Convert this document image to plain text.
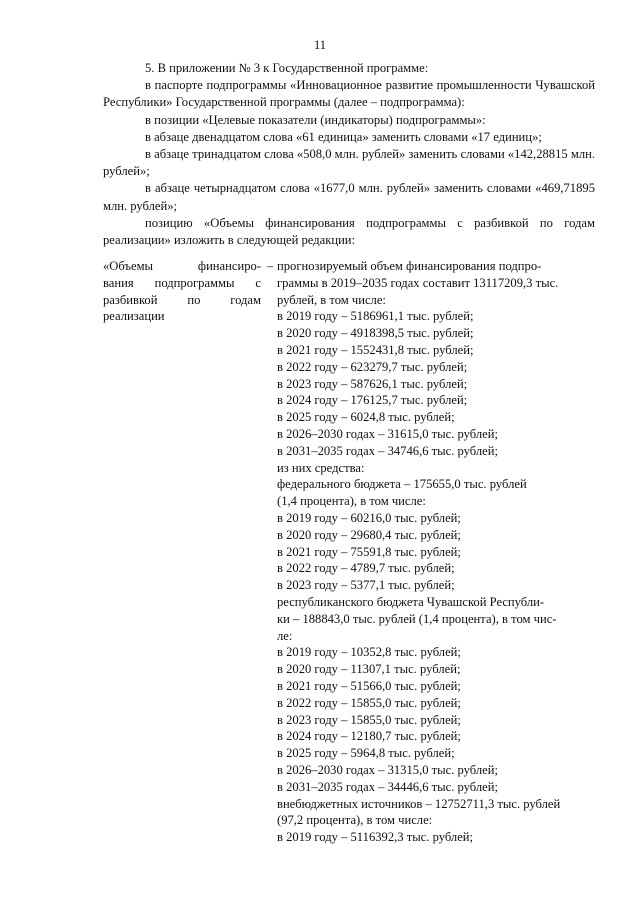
11

5. В приложении № 3 к Государственной программе:

в паспорте подпрограммы «Инновационное развитие промышленности Чувашской Республики» Государственной программы (далее – подпрограмма):

в позиции «Целевые показатели (индикаторы) подпрограммы»:

в абзаце двенадцатом слова «61 единица» заменить словами «17 единиц»;

в абзаце тринадцатом слова «508,0 млн. рублей» заменить словами «142,28815 млн. рублей»;

в абзаце четырнадцатом слова «1677,0 млн. рублей» заменить словами «469,71895 млн. рублей»;

позицию «Объемы финансирования подпрограммы с разбивкой по годам реализации» изложить в следующей редакции:

«Объемы	финансиро-
вания подпрограммы с
разбивкой по годам
реализации
– прогнозируемый объем финансирования подпро-
граммы в 2019–2035 годах составит 13117209,3 тыс.
рублей, в том числе:
в 2019 году – 5186961,1 тыс. рублей;
в 2020 году – 4918398,5 тыс. рублей;
в 2021 году – 1552431,8 тыс. рублей;
в 2022 году – 623279,7 тыс. рублей;
в 2023 году – 587626,1 тыс. рублей;
в 2024 году – 176125,7 тыс. рублей;
в 2025 году – 6024,8 тыс. рублей;
в 2026–2030 годах – 31615,0 тыс. рублей;
в 2031–2035 годах – 34746,6 тыс. рублей;
из них средства:
федерального бюджета – 175655,0 тыс. рублей
(1,4 процента), в том числе:
в 2019 году – 60216,0 тыс. рублей;
в 2020 году – 29680,4 тыс. рублей;
в 2021 году – 75591,8 тыс. рублей;
в 2022 году – 4789,7 тыс. рублей;
в 2023 году – 5377,1 тыс. рублей;
республиканского бюджета Чувашской Республи-
ки – 188843,0 тыс. рублей (1,4 процента), в том чис-
ле:
в 2019 году – 10352,8 тыс. рублей;
в 2020 году – 11307,1 тыс. рублей;
в 2021 году – 51566,0 тыс. рублей;
в 2022 году – 15855,0 тыс. рублей;
в 2023 году – 15855,0 тыс. рублей;
в 2024 году – 12180,7 тыс. рублей;
в 2025 году – 5964,8 тыс. рублей;
в 2026–2030 годах – 31315,0 тыс. рублей;
в 2031–2035 годах – 34446,6 тыс. рублей;
внебюджетных источников – 12752711,3 тыс. рублей
(97,2 процента), в том числе:
в 2019 году – 5116392,3 тыс. рублей;
